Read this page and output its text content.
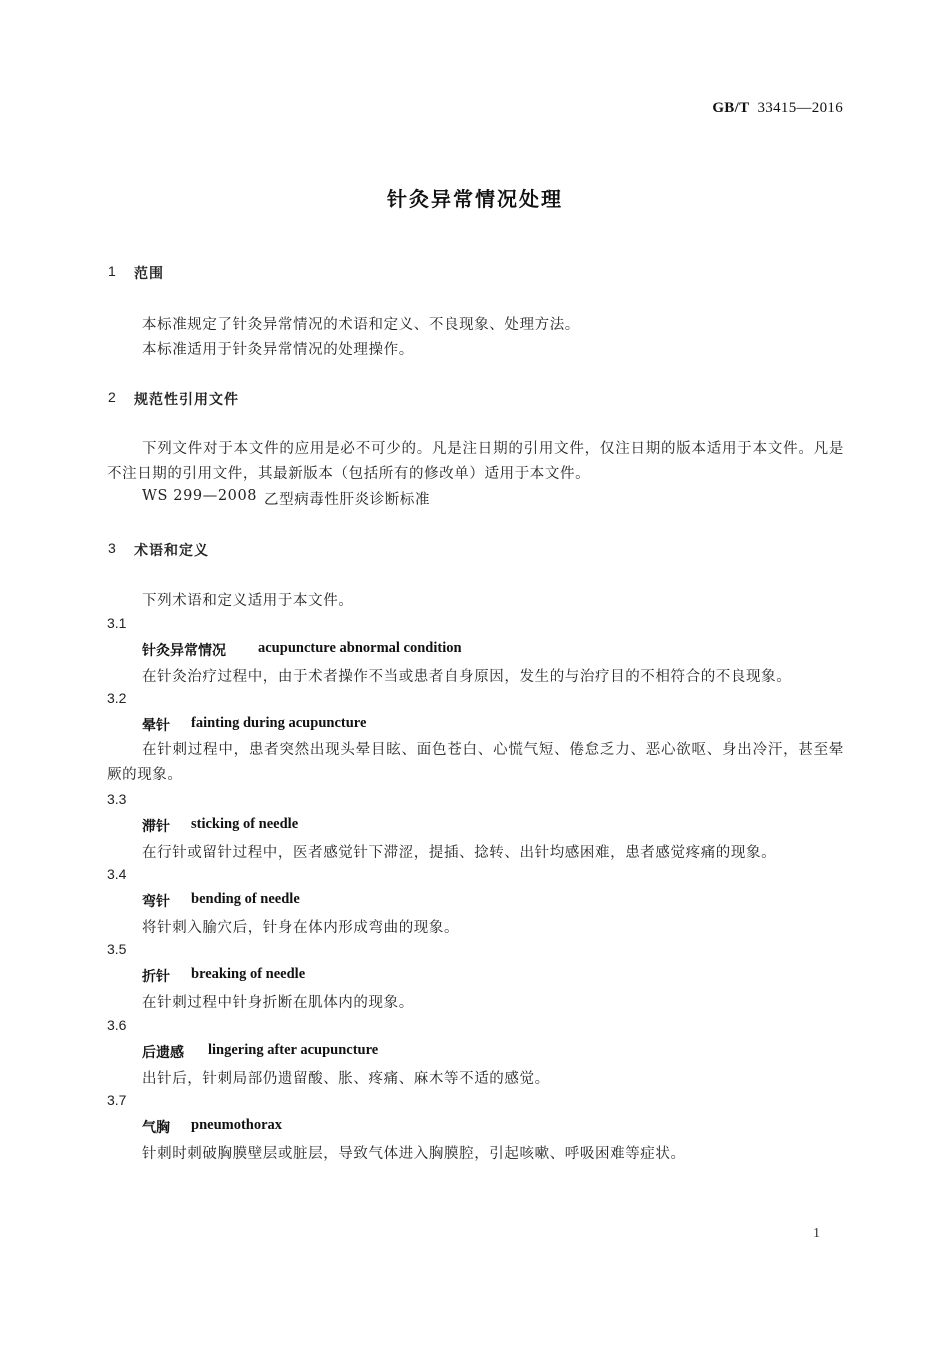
GB/T 33415—2016
针灸异常情况处理
1 范围
本标准规定了针灸异常情况的术语和定义、不良现象、处理方法。
本标准适用于针灸异常情况的处理操作。
2 规范性引用文件
下列文件对于本文件的应用是必不可少的。凡是注日期的引用文件，仅注日期的版本适用于本文件。凡是不注日期的引用文件，其最新版本（包括所有的修改单）适用于本文件。
WS 299—2008 乙型病毒性肝炎诊断标准
3 术语和定义
下列术语和定义适用于本文件。
3.1
针灸异常情况 acupuncture abnormal condition
在针灸治疗过程中，由于术者操作不当或患者自身原因，发生的与治疗目的不相符合的不良现象。
3.2
晕针 fainting during acupuncture
在针刺过程中，患者突然出现头晕目眩、面色苍白、心慌气短、倦怠乏力、恶心欲呕、身出冷汗，甚至晕厥的现象。
3.3
滞针 sticking of needle
在行针或留针过程中，医者感觉针下滞涩，提插、捻转、出针均感困难，患者感觉疼痛的现象。
3.4
弯针 bending of needle
将针刺入腧穴后，针身在体内形成弯曲的现象。
3.5
折针 breaking of needle
在针刺过程中针身折断在肌体内的现象。
3.6
后遗感 lingering after acupuncture
出针后，针刺局部仍遗留酸、胀、疼痛、麻木等不适的感觉。
3.7
气胸 pneumothorax
针刺时刺破胸膜壁层或脏层，导致气体进入胸膜腔，引起咳嗽、呼吸困难等症状。
1
